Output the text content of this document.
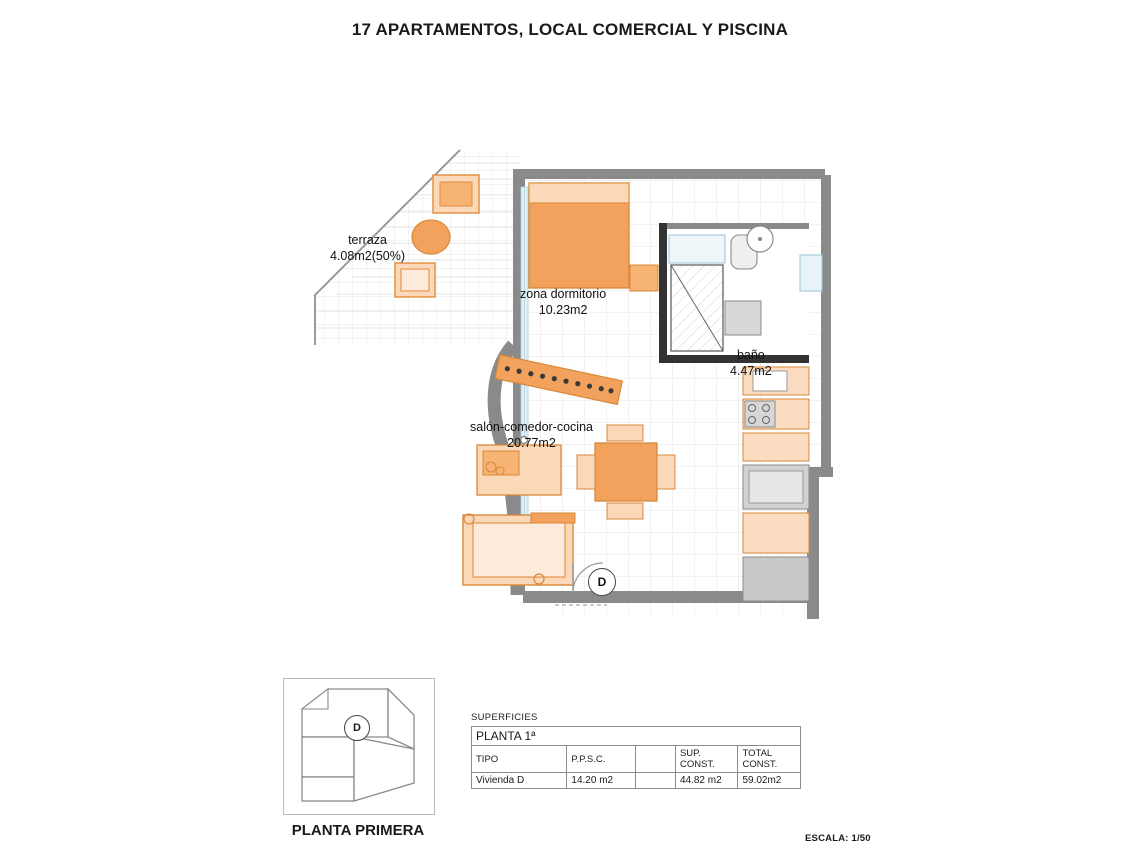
17 APARTAMENTOS, LOCAL COMERCIAL Y PISCINA
terraza
4.08m2(50%)
zona dormitorio
10.23m2
baño
4.47m2
salón-comedor-cocina
20.77m2
D
D
PLANTA PRIMERA
SUPERFICIES
PLANTA 1ª
TIPO	P.P.S.C.		SUP. CONST.	TOTAL CONST.
Vivienda D	14.20 m2		44.82 m2	59.02m2
ESCALA: 1/50
